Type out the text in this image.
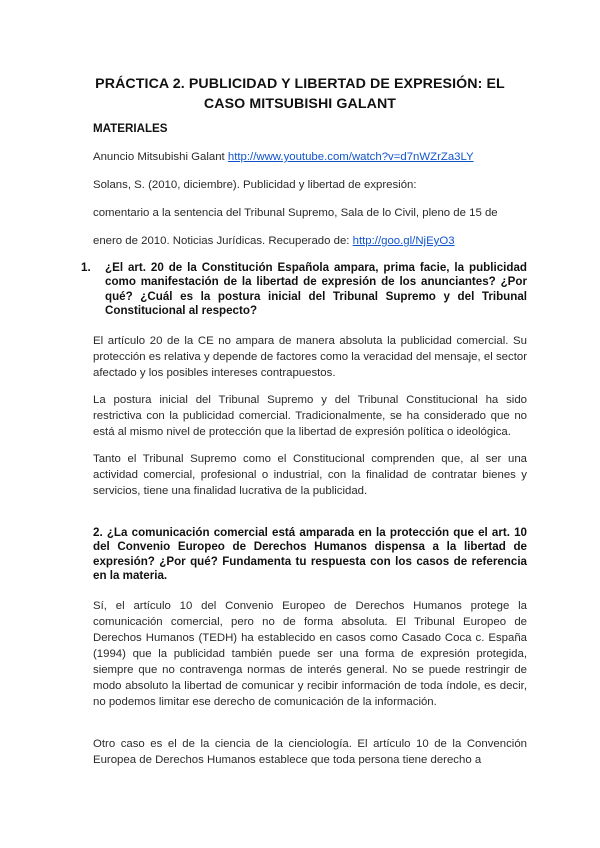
PRÁCTICA 2. PUBLICIDAD Y LIBERTAD DE EXPRESIÓN: EL
CASO MITSUBISHI GALANT
MATERIALES
Anuncio Mitsubishi Galant http://www.youtube.com/watch?v=d7nWZrZa3LY
Solans, S. (2010, diciembre). Publicidad y libertad de expresión:
comentario a la sentencia del Tribunal Supremo, Sala de lo Civil, pleno de 15 de
enero de 2010. Noticias Jurídicas. Recuperado de: http://goo.gl/NjEyO3
1. ¿El art. 20 de la Constitución Española ampara, prima facie, la publicidad como manifestación de la libertad de expresión de los anunciantes? ¿Por qué? ¿Cuál es la postura inicial del Tribunal Supremo y del Tribunal Constitucional al respecto?
El artículo 20 de la CE no ampara de manera absoluta la publicidad comercial. Su protección es relativa y depende de factores como la veracidad del mensaje, el sector afectado y los posibles intereses contrapuestos.
La postura inicial del Tribunal Supremo y del Tribunal Constitucional ha sido restrictiva con la publicidad comercial. Tradicionalmente, se ha considerado que no está al mismo nivel de protección que la libertad de expresión política o ideológica.
Tanto el Tribunal Supremo como el Constitucional comprenden que, al ser una actividad comercial, profesional o industrial, con la finalidad de contratar bienes y servicios, tiene una finalidad lucrativa de la publicidad.
2. ¿La comunicación comercial está amparada en la protección que el art. 10 del Convenio Europeo de Derechos Humanos dispensa a la libertad de expresión? ¿Por qué? Fundamenta tu respuesta con los casos de referencia en la materia.
Sí, el artículo 10 del Convenio Europeo de Derechos Humanos protege la comunicación comercial, pero no de forma absoluta. El Tribunal Europeo de Derechos Humanos (TEDH) ha establecido en casos como Casado Coca c. España (1994) que la publicidad también puede ser una forma de expresión protegida, siempre que no contravenga normas de interés general. No se puede restringir de modo absoluto la libertad de comunicar y recibir información de toda índole, es decir, no podemos limitar ese derecho de comunicación de la información.
Otro caso es el de la ciencia de la cienciología. El artículo 10 de la Convención Europea de Derechos Humanos establece que toda persona tiene derecho a
